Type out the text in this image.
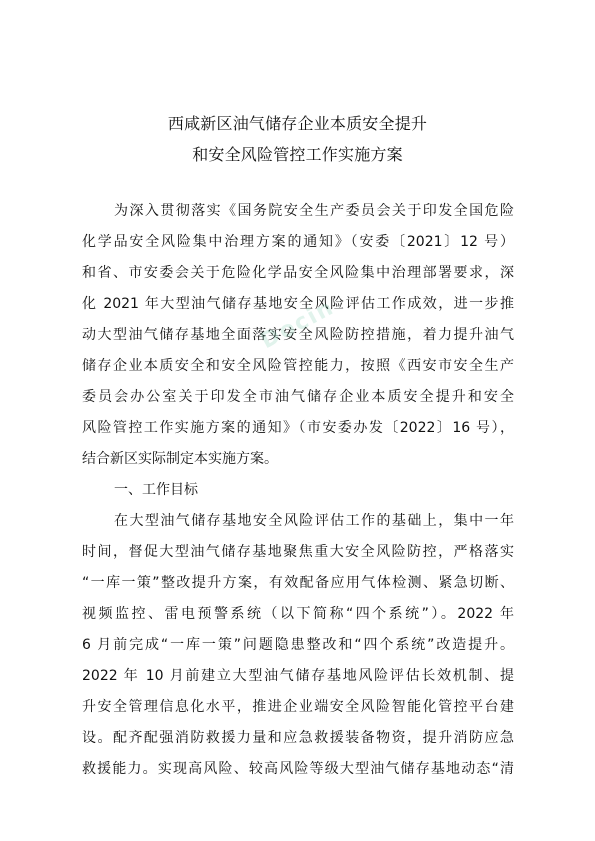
西咸新区油气储存企业本质安全提升
和安全风险管控工作实施方案
为深入贯彻落实《国务院安全生产委员会关于印发全国危险
化学品安全风险集中治理方案的通知》（安委〔2021〕12 号）
和省、市安委会关于危险化学品安全风险集中治理部署要求，深
化 2021 年大型油气储存基地安全风险评估工作成效，进一步推
动大型油气储存基地全面落实安全风险防控措施，着力提升油气
储存企业本质安全和安全风险管控能力，按照《西安市安全生产
委员会办公室关于印发全市油气储存企业本质安全提升和安全
风险管控工作实施方案的通知》（市安委办发〔2022〕16 号），
结合新区实际制定本实施方案。
一、工作目标
在大型油气储存基地安全风险评估工作的基础上，集中一年
时间，督促大型油气储存基地聚焦重大安全风险防控，严格落实
“一库一策”整改提升方案，有效配备应用气体检测、紧急切断、
视频监控、雷电预警系统（以下简称“四个系统”）。2022 年
6 月前完成“一库一策”问题隐患整改和“四个系统”改造提升。
2022 年 10 月前建立大型油气储存基地风险评估长效机制、提
升安全管理信息化水平，推进企业端安全风险智能化管控平台建
设。配齐配强消防救援力量和应急救援装备物资，提升消防应急
救援能力。实现高风险、较高风险等级大型油气储存基地动态“清
Docin
